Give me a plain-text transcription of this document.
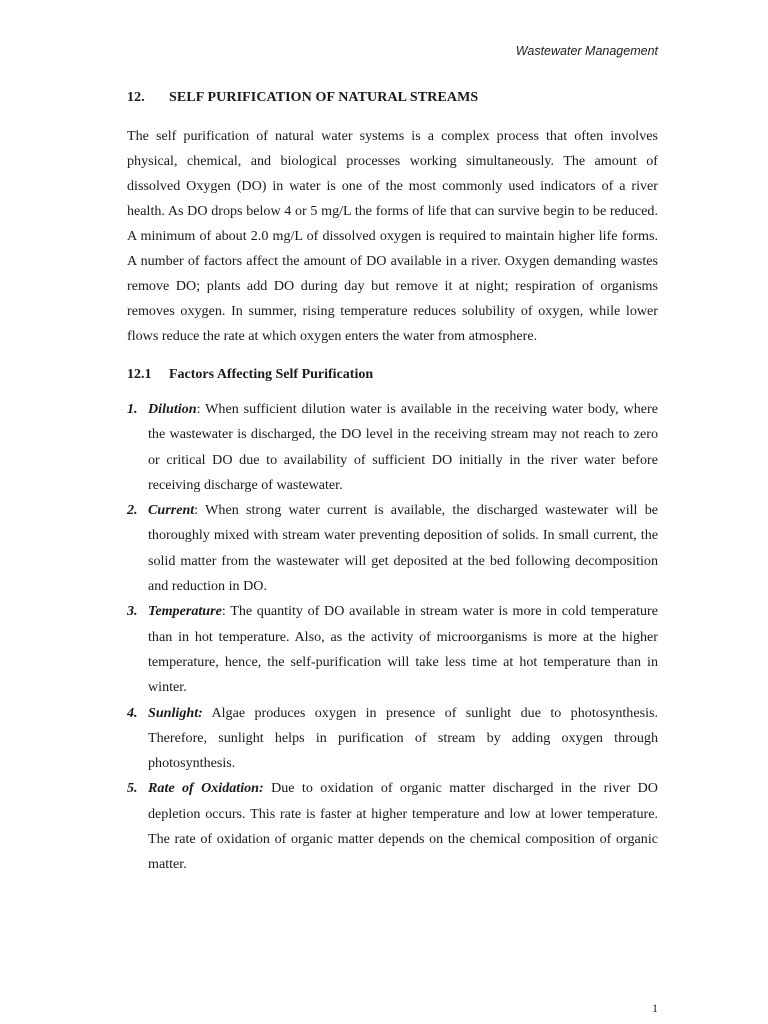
Wastewater Management
12. SELF PURIFICATION OF NATURAL STREAMS

The self purification of natural water systems is a complex process that often involves physical, chemical, and biological processes working simultaneously. The amount of dissolved Oxygen (DO) in water is one of the most commonly used indicators of a river health. As DO drops below 4 or 5 mg/L the forms of life that can survive begin to be reduced. A minimum of about 2.0 mg/L of dissolved oxygen is required to maintain higher life forms. A number of factors affect the amount of DO available in a river. Oxygen demanding wastes remove DO; plants add DO during day but remove it at night; respiration of organisms removes oxygen. In summer, rising temperature reduces solubility of oxygen, while lower flows reduce the rate at which oxygen enters the water from atmosphere.

12.1 Factors Affecting Self Purification
1. Dilution: When sufficient dilution water is available in the receiving water body, where the wastewater is discharged, the DO level in the receiving stream may not reach to zero or critical DO due to availability of sufficient DO initially in the river water before receiving discharge of wastewater.
2. Current: When strong water current is available, the discharged wastewater will be thoroughly mixed with stream water preventing deposition of solids. In small current, the solid matter from the wastewater will get deposited at the bed following decomposition and reduction in DO.
3. Temperature: The quantity of DO available in stream water is more in cold temperature than in hot temperature. Also, as the activity of microorganisms is more at the higher temperature, hence, the self-purification will take less time at hot temperature than in winter.
4. Sunlight: Algae produces oxygen in presence of sunlight due to photosynthesis. Therefore, sunlight helps in purification of stream by adding oxygen through photosynthesis.
5. Rate of Oxidation: Due to oxidation of organic matter discharged in the river DO depletion occurs. This rate is faster at higher temperature and low at lower temperature. The rate of oxidation of organic matter depends on the chemical composition of organic matter.
1
